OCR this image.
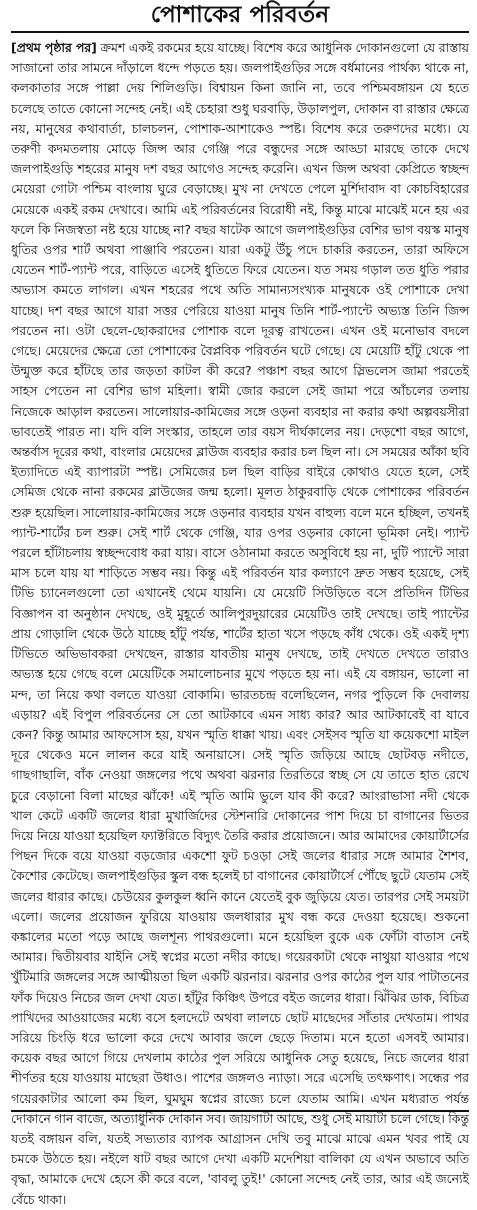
পোশাকের পরিবর্তন
[প্রথম পৃষ্ঠার পর] ক্রমশ একই রকমের হয়ে যাচ্ছে। বিশেষ করে আধুনিক দোকানগুলো যে রাস্তায় সাজানো তার সামনে দাঁড়ালে ধন্দে পড়তে হয়। জলপাইগুড়ির সঙ্গে বর্ধমানের পার্থক্য থাকে না, কলকাতার সঙ্গে পাল্লা দেয় শিলিগুড়ি। বিশ্বায়ন কিনা জানি না, তবে পশ্চিমবঙ্গায়ন যে হতে চলেছে তাতে কোনো সন্দেহ নেই। এই চেহারা শুধু ঘরবাড়ি, উড়ালপুল, দোকান বা রাস্তার ক্ষেত্রে নয়, মানুষের কথাবার্তা, চালচলন, পোশাক-আশাকেও স্পষ্ট। বিশেষ করে তরুণদের মধ্যে। যে তরুণী কদমতলায় মোড়ে জিন্স আর গেঞ্জি পরে বন্ধুদের সঙ্গে আড্ডা মারছে তাকে দেখে জলপাইগুড়ি শহরের মানুষ দশ বছর আগেও সন্দেহ করেনি। এখন জিন্স অথবা কেপ্রিতে স্বচ্ছন্দ মেয়েরা গোটা পশ্চিম বাংলায় ঘুরে বেড়াচ্ছে। মুখ না দেখতে পেলে মুর্শিদাবাদ বা কোচবিহারের মেয়েকে একই রকম দেখাবে। আমি এই পরিবর্তনের বিরোধী নই, কিন্তু মাঝে মাঝেই মনে হয় এর ফলে কি নিজস্বতা নষ্ট হয়ে যাচ্ছে না? বছর ষাটেক আগে জলপাইগুড়ির বেশির ভাগ বয়স্ক মানুষ ধুতির ওপর শার্ট অথবা পাঞ্জাবি পরতেন। যারা একটু উঁচু পদে চাকরি করতেন, তারা অফিসে যেতেন শার্ট-প্যান্ট পরে, বাড়িতে এসেই ধুতিতে ফিরে যেতেন। যত সময় গড়াল তত ধুতি পরার অভ্যাস কমতে লাগল। এখন শহরের পথে অতি সামান্যসংখ্যক মানুষকে ওই পোশাকে দেখা যাচ্ছে। দশ বছর আগে যারা সত্তর পেরিয়ে যাওয়া মানুষ তিনি শার্ট-প্যান্টে অভ্যস্ত তিনি জিন্স পরতেন না। ওটা ছেলে-ছোকরাদের পোশাক বলে দূরত্ব রাখতেন। এখন ওই মনোভাব বদলে গেছে। মেয়েদের ক্ষেত্রে তো পোশাকের বৈপ্লবিক পরিবর্তন ঘটে গেছে। যে মেয়েটি হাঁটু থেকে পা উন্মুক্ত করে হাঁটছে তার জড়তা কাটল কী করে? পঞ্চাশ বছর আগে স্লিভলেস জামা পরতেই সাহস পেতেন না বেশির ভাগ মহিলা। স্বামী জোর করলে সেই জামা পরে আঁচলের তলায় নিজেকে আড়াল করতেন। সালোয়ার-কামিজের সঙ্গে ওড়না ব্যবহার না করার কথা অল্পবয়সীরা ভাবতেই পারত না। যদি বলি সংস্কার, তাহলে তার বয়স দীর্ঘকালের নয়। দেড়শো বছর আগে, অন্তর্বাস দূরের কথা, বাংলার মেয়েদের ব্লাউজ ব্যবহার করার চল ছিল না। সে সময়ের আঁকা ছবি ইত্যাদিতে এই ব্যাপারটা স্পষ্ট। সেমিজের চল ছিল বাড়ির বাইরে কোথাও যেতে হলে, সেই সেমিজ থেকে নানা রকমের ব্লাউজের জন্ম হলো। মূলত ঠাকুরবাড়ি থেকে পোশাকের পরিবর্তন শুরু হয়েছিল। সালোয়ার-কামিজের সঙ্গে ওড়নার ব্যবহার যখন বাহুল্য বলে মনে হচ্ছিল, তখনই প্যান্ট-শার্টের চল শুরু। সেই শার্ট থেকে গেঞ্জি, যার ওপর ওড়নার কোনো ভূমিকা নেই। প্যান্ট পরলে হাঁটাচলায় স্বচ্ছন্দবোধ করা যায়। বাসে ওঠানামা করতে অসুবিধে হয় না, দুটি প্যান্টে সারা মাস চলে যায় যা শাড়িতে সম্ভব নয়। কিন্তু এই পরিবর্তন যার কল্যাণে দ্রুত সম্ভব হয়েছে, সেই টিভি চ্যানেলগুলো তো এখানেই থেমে যায়নি। যে মেয়েটি সিউড়িতে বসে প্রতিদিন টিভির বিজ্ঞাপন বা অনুষ্ঠান দেখছে, ওই মুহূর্তে আলিপুরদুয়ারের মেয়েটিও তাই দেখছে। তাই প্যান্টের প্রায় গোড়ালি থেকে উঠে যাচ্ছে হাঁটু পর্যন্ত, শার্টের হাতা খসে পড়ছে কাঁধ থেকে। ওই একই দৃশ্য টিভিতে অভিভাবকরা দেখছেন, রাস্তার যাবতীয় মানুষ দেখছে, তাই দেখতে দেখতে তারাও অভ্যস্ত হয়ে গেছে বলে মেয়েটিকে সমালোচনার মুখে পড়তে হয় না। এই যে বঙ্গায়ন, ভালো না মন্দ, তা নিয়ে কথা বলতে যাওয়া বোকামি। ভারতচন্দ্র বলেছিলেন, নগর পুড়িলে কি দেবালয় এড়ায়? এই বিপুল পরিবর্তনের সে তো আটকাবে এমন সাধ্য কার? আর আটকাবেই বা যাবে কেন? কিন্তু আমার আফসোস হয়, যখন স্মৃতি ধাক্কা খায়। এবং সেইসব স্মৃতি যা কয়েকশো মাইল দূরে থেকেও মনে লালন করে যাই অনায়াসে। সেই স্মৃতি জড়িয়ে আছে ছোটবড় নদীতে, গাছগাছালি, বাঁক নেওয়া জঙ্গলের পথে অথবা ঝরনার তিরতিরে স্বচ্ছ সে যে তাতে হাত রেখে চুরে বেড়ানো বিলা মাছের ঝাঁকে! এই স্মৃতি আমি ভুলে যাব কী করে? আংরাভাসা নদী থেকে খাল কেটে একটি জলের ধারা মুখার্জিদের স্টেশনারি দোকানের পাশ দিয়ে চা বাগানের ভিতর দিয়ে নিয়ে যাওয়া হয়েছিল ফ্যাক্টরিতে বিদ্যুৎ তৈরি করার প্রয়োজনে। আর আমাদের কোয়ার্টার্সের পিছন দিকে বয়ে যাওয়া বড়জোর একশো ফুট চওড়া সেই জলের ধারার সঙ্গে আমার শৈশব, কৈশোর কেটেছে। জলপাইগুড়ির স্কুল বন্ধ হলেই চা বাগানের কোয়ার্টার্সে পৌঁছে ছুটে যেতাম সেই জলের ধারার কাছে। চেউয়ের কুলকুল ধ্বনি কানে যেতেই বুক জুড়িয়ে যেত। তারপর সেই সময়টা এলো। জলের প্রয়োজন ফুরিয়ে যাওয়ায় জলধারার মুখ বন্ধ করে দেওয়া হয়েছে। শুকনো কঙ্কালের মতো পড়ে আছে জলশূন্য পাথরগুলো। মনে হয়েছিল বুকে এক ফোঁটা বাতাস নেই আমার। দ্বিতীয়বার যাইনি সেই স্বপ্নের মতো নদীর কাছে। গয়েরকাটা থেকে নাথুয়া যাওয়ার পথে খুঁটিমারি জঙ্গলের সঙ্গে আত্মীয়তা ছিল একটি ঝরনার। ঝরনার ওপর কাঠের পুল যার পাটাতনের ফাঁক দিয়েও নিচের জল দেখা যেত। হাঁটুর কিঞ্চিৎ উপরে বইত জলের ধারা। ঝিঁঝির ডাক, বিচিত্র পাখিদের আওয়াজের মধ্যে বসে হলদেটে অথবা লালচে ছোট মাছেদের সাঁতার দেখতাম। পাথর সরিয়ে চিংড়ি ধরে ভালো করে দেখে আবার জলে ছেড়ে দিতাম। মনে হতো এসবই আমার। কয়েক বছর আগে গিয়ে দেখলাম কাঠের পুল সরিয়ে আধুনিক সেতু হয়েছে, নিচে জলের ধারা শীর্ণতর হয়ে যাওয়ায় মাছেরা উধাও। পাশের জঙ্গলও ন্যাড়া। সরে এসেছি তৎক্ষণাৎ। সন্ধের পর গয়েরকাটার আলো কম ছিল, ঘুমঘুম স্বপ্নের রাজ্যে চলে যেতাম আমি। এখন মধ্যরাত পর্যন্ত দোকানে গান বাজে, অত্যাধুনিক দোকান সব। জায়গাটা আছে, শুধু সেই মায়াটা চলে গেছে। কিন্তু যতই বঙ্গায়ন বলি, যতই সভ্যতার ব্যাপক আগ্রাসন দেখি তবু মাঝে মাঝে এমন খবর পাই যে চমকে উঠতে হয়। নইলে ষাট বছর আগে দেখা একটি মদেশিয়া বালিকা যে এখন অভাবে অতি বৃদ্ধা, আমাকে দেখে হেসে কী করে বলে, 'বাবলু তুই!' কোনো সন্দেহ নেই তার, আর এই জন্যেই বেঁচে থাকা।
